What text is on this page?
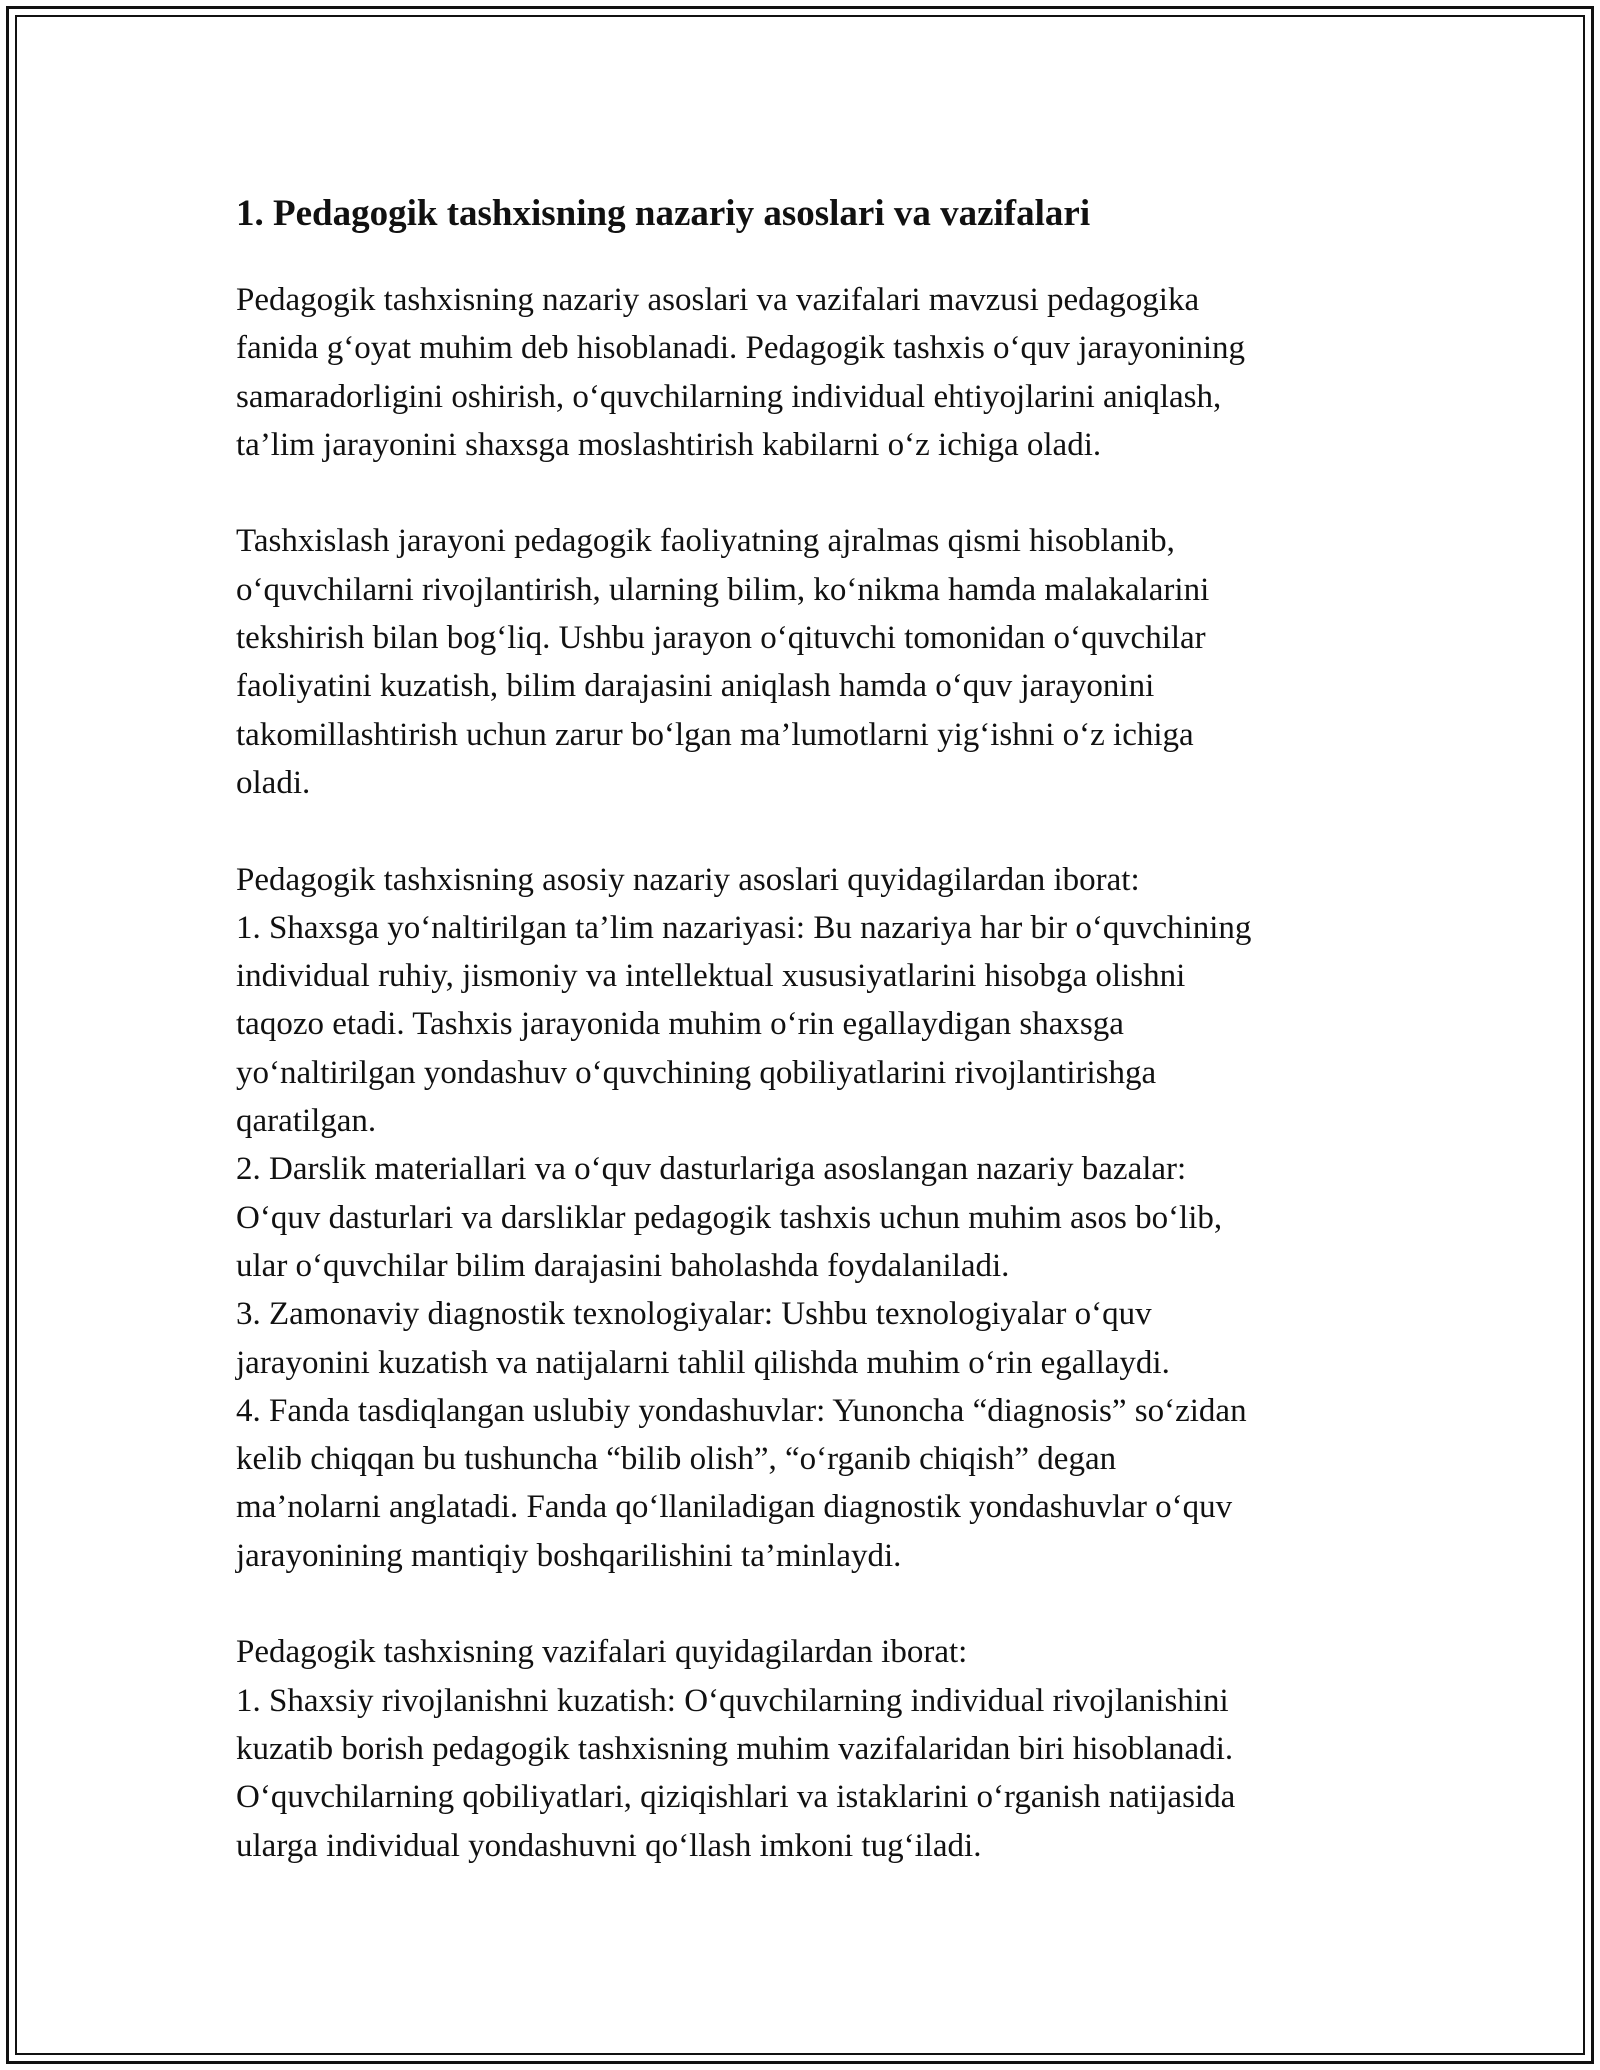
1. Pedagogik tashxisning nazariy asoslari va vazifalari
Pedagogik tashxisning nazariy asoslari va vazifalari mavzusi pedagogika
fanida g‘oyat muhim deb hisoblanadi. Pedagogik tashxis o‘quv jarayonining
samaradorligini oshirish, o‘quvchilarning individual ehtiyojlarini aniqlash,
ta’lim jarayonini shaxsga moslashtirish kabilarni o‘z ichiga oladi.
Tashxislash jarayoni pedagogik faoliyatning ajralmas qismi hisoblanib,
o‘quvchilarni rivojlantirish, ularning bilim, ko‘nikma hamda malakalarini
tekshirish bilan bog‘liq. Ushbu jarayon o‘qituvchi tomonidan o‘quvchilar
faoliyatini kuzatish, bilim darajasini aniqlash hamda o‘quv jarayonini
takomillashtirish uchun zarur bo‘lgan ma’lumotlarni yig‘ishni o‘z ichiga
oladi.
Pedagogik tashxisning asosiy nazariy asoslari quyidagilardan iborat:
1. Shaxsga yo‘naltirilgan ta’lim nazariyasi: Bu nazariya har bir o‘quvchining
individual ruhiy, jismoniy va intellektual xususiyatlarini hisobga olishni
taqozo etadi. Tashxis jarayonida muhim o‘rin egallaydigan shaxsga
yo‘naltirilgan yondashuv o‘quvchining qobiliyatlarini rivojlantirishga
qaratilgan.
2. Darslik materiallari va o‘quv dasturlariga asoslangan nazariy bazalar:
O‘quv dasturlari va darsliklar pedagogik tashxis uchun muhim asos bo‘lib,
ular o‘quvchilar bilim darajasini baholashda foydalaniladi.
3. Zamonaviy diagnostik texnologiyalar: Ushbu texnologiyalar o‘quv
jarayonini kuzatish va natijalarni tahlil qilishda muhim o‘rin egallaydi.
4. Fanda tasdiqlangan uslubiy yondashuvlar: Yunoncha “diagnosis” so‘zidan
kelib chiqqan bu tushuncha “bilib olish”, “o‘rganib chiqish” degan
ma’nolarni anglatadi. Fanda qo‘llaniladigan diagnostik yondashuvlar o‘quv
jarayonining mantiqiy boshqarilishini ta’minlaydi.
Pedagogik tashxisning vazifalari quyidagilardan iborat:
1. Shaxsiy rivojlanishni kuzatish: O‘quvchilarning individual rivojlanishini
kuzatib borish pedagogik tashxisning muhim vazifalaridan biri hisoblanadi.
O‘quvchilarning qobiliyatlari, qiziqishlari va istaklarini o‘rganish natijasida
ularga individual yondashuvni qo‘llash imkoni tug‘iladi.
